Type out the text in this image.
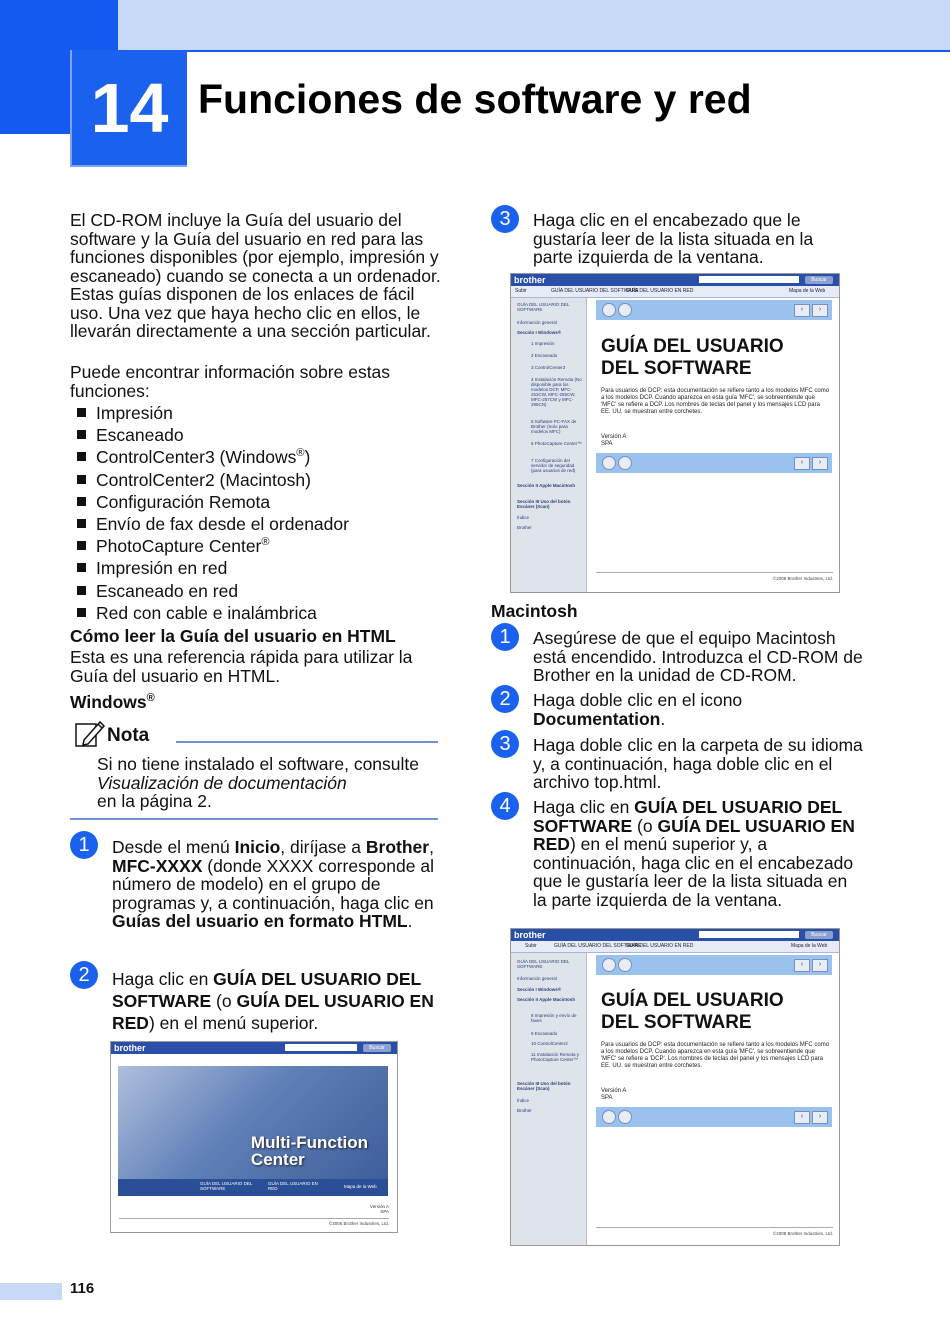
14 Funciones de software y red
El CD-ROM incluye la Guía del usuario del software y la Guía del usuario en red para las funciones disponibles (por ejemplo, impresión y escaneado) cuando se conecta a un ordenador. Estas guías disponen de los enlaces de fácil uso. Una vez que haya hecho clic en ellos, le llevarán directamente a una sección particular.
Puede encontrar información sobre estas funciones:
Impresión
Escaneado
ControlCenter3 (Windows®)
ControlCenter2 (Macintosh)
Configuración Remota
Envío de fax desde el ordenador
PhotoCapture Center®
Impresión en red
Escaneado en red
Red con cable e inalámbrica
Cómo leer la Guía del usuario en HTML
Esta es una referencia rápida para utilizar la Guía del usuario en HTML.
Windows®
Nota
Si no tiene instalado el software, consulte
Visualización de documentación
en la página 2.
1	Desde el menú Inicio, diríjase a Brother, MFC-XXXX (donde XXXX corresponde al número de modelo) en el grupo de programas y, a continuación, haga clic en Guías del usuario en formato HTML.
2	Haga clic en GUÍA DEL USUARIO DEL SOFTWARE (o GUÍA DEL USUARIO EN RED) en el menú superior.
brother	Buscar
Multi-Function
Center
GUÍA DEL USUARIO DEL SOFTWARE
GUÍA DEL USUARIO EN RED	Mapa de la Web
Versión A
SPA
©2006 Brother Industries, Ltd.
3	Haga clic en el encabezado que le gustaría leer de la lista situada en la parte izquierda de la ventana.
brother	Buscar
Subir	GUÍA DEL USUARIO DEL SOFTWARE
GUÍA DEL USUARIO EN RED	Mapa de la Web
GUÍA DEL USUARIO DEL SOFTWARE
Información general
Sección I Windows®
1 Impresión
2 Escaneado
3 ControlCenter3
4 Instalación Remota (No disponible para los modelos DCP, MFC-253CW, MFC-255CW, MFC-257CW y MFC-295CN)
5 Software PC-FAX de Brother (Solo para modelos MFC)
6 PhotoCapture Center™
7 Configuración del servidor de seguridad (para usuarios de red)
Sección II Apple Macintosh
Sección III Uso del botón Escáner (Scan)
Índice
Brother
‹	›
GUÍA DEL USUARIO
DEL SOFTWARE
Para usuarios de DCP: esta documentación se refiere tanto a los modelos MFC como a los modelos DCP. Cuando aparezca en esta guía 'MFC', se sobreentiende que 'MFC' se refiere a DCP. Los nombres de teclas del panel y los mensajes LCD para EE. UU. se muestran entre corchetes.
Versión A
SPA
‹	›
©2008 Brother Industries, Ltd.
Macintosh
1	Asegúrese de que el equipo Macintosh está encendido. Introduzca el CD-ROM de Brother en la unidad de CD-ROM.
2	Haga doble clic en el icono Documentation.
3	Haga doble clic en la carpeta de su idioma y, a continuación, haga doble clic en el archivo top.html.
4	Haga clic en GUÍA DEL USUARIO DEL SOFTWARE (o GUÍA DEL USUARIO EN RED) en el menú superior y, a continuación, haga clic en el encabezado que le gustaría leer de la lista situada en la parte izquierda de la ventana.
brother	Buscar
Subir	GUÍA DEL USUARIO DEL SOFTWARE
GUÍA DEL USUARIO EN RED	Mapa de la Web
GUÍA DEL USUARIO DEL SOFTWARE
Información general
Sección I Windows®
Sección II Apple Macintosh
8 Impresión y envío de faxes
9 Escaneado
10 ControlCenter2
11 Instalación Remota y PhotoCapture Center™
Sección III Uso del botón Escáner (Scan)
Índice
Brother
‹	›
GUÍA DEL USUARIO
DEL SOFTWARE
Para usuarios de DCP: esta documentación se refiere tanto a los modelos MFC como a los modelos DCP. Cuando aparezca en esta guía 'MFC', se sobreentiende que 'MFC' se refiere a 'DCP'. Los nombres de teclas del panel y los mensajes LCD para EE. UU. se muestran entre corchetes.
Versión A
SPA
‹	›
©2008 Brother Industries, Ltd.
116
